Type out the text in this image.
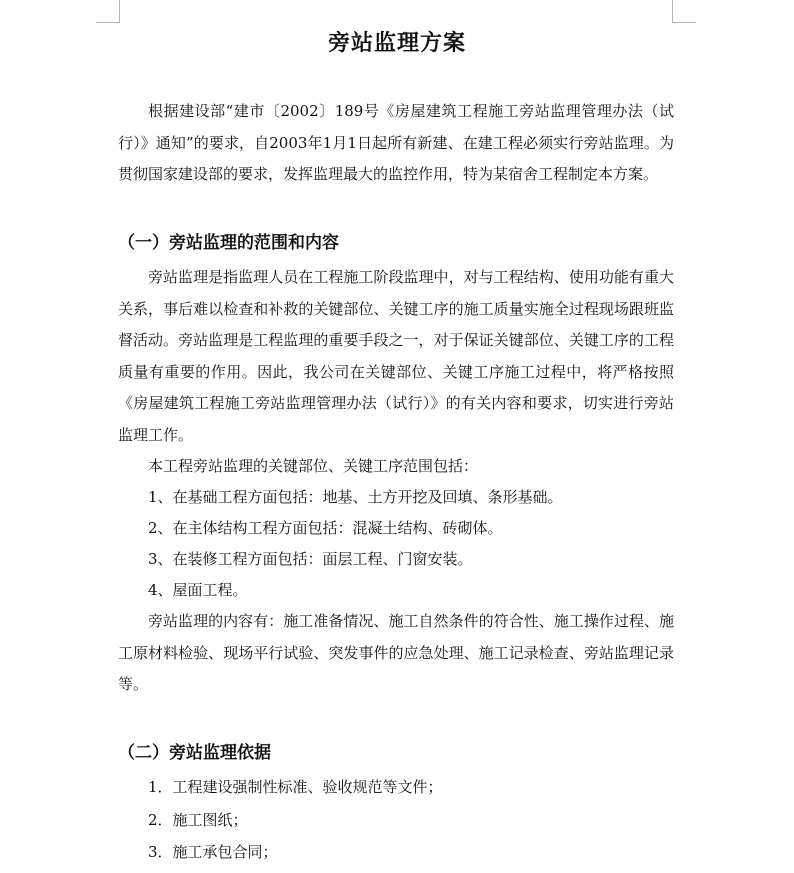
旁站监理方案
根据建设部“建市〔2002〕189号《房屋建筑工程施工旁站监理管理办法（试行）》通知”的要求，自2003年1月1日起所有新建、在建工程必须实行旁站监理。为贯彻国家建设部的要求，发挥监理最大的监控作用，特为某宿舍工程制定本方案。
（一）旁站监理的范围和内容
旁站监理是指监理人员在工程施工阶段监理中，对与工程结构、使用功能有重大关系，事后难以检查和补救的关键部位、关键工序的施工质量实施全过程现场跟班监督活动。旁站监理是工程监理的重要手段之一，对于保证关键部位、关键工序的工程质量有重要的作用。因此，我公司在关键部位、关键工序施工过程中，将严格按照《房屋建筑工程施工旁站监理管理办法（试行）》的有关内容和要求，切实进行旁站监理工作。
本工程旁站监理的关键部位、关键工序范围包括：
1、在基础工程方面包括：地基、土方开挖及回填、条形基础。
2、在主体结构工程方面包括：混凝土结构、砖砌体。
3、在装修工程方面包括：面层工程、门窗安装。
4、屋面工程。
旁站监理的内容有：施工准备情况、施工自然条件的符合性、施工操作过程、施工原材料检验、现场平行试验、突发事件的应急处理、施工记录检查、旁站监理记录等。
（二）旁站监理依据
1．工程建设强制性标准、验收规范等文件；
2．施工图纸；
3．施工承包合同；
